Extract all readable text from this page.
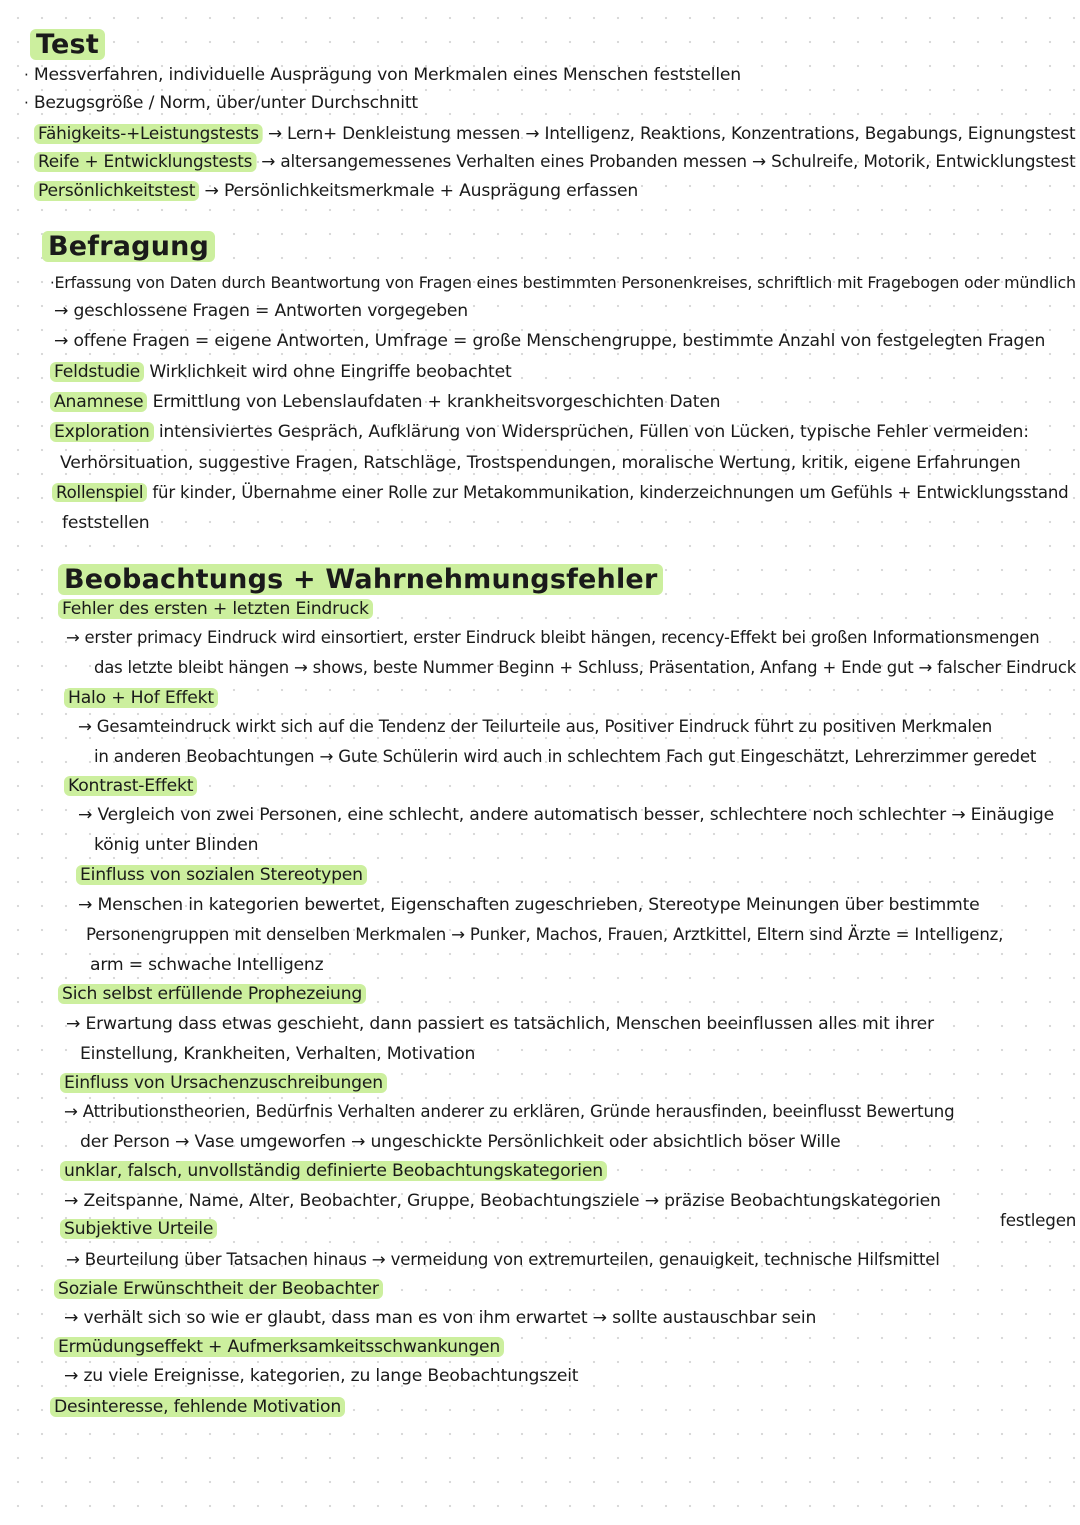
Test
· Messverfahren, individuelle Ausprägung von Merkmalen eines Menschen feststellen
· Bezugsgröße / Norm, über/unter Durchschnitt
Fähigkeits-+Leistungstests → Lern+ Denkleistung messen → Intelligenz, Reaktions, Konzentrations, Begabungs, Eignungstest
Reife + Entwicklungstests → altersangemessenes Verhalten eines Probanden messen → Schulreife, Motorik, Entwicklungstest
Persönlichkeitstest → Persönlichkeitsmerkmale + Ausprägung erfassen
Befragung
·Erfassung von Daten durch Beantwortung von Fragen eines bestimmten Personenkreises, schriftlich mit Fragebogen oder mündlich
→ geschlossene Fragen = Antworten vorgegeben
→ offene Fragen = eigene Antworten, Umfrage = große Menschengruppe, bestimmte Anzahl von festgelegten Fragen
Feldstudie Wirklichkeit wird ohne Eingriffe beobachtet
Anamnese Ermittlung von Lebenslaufdaten + krankheitsvorgeschichten Daten
Exploration intensiviertes Gespräch, Aufklärung von Widersprüchen, Füllen von Lücken, typische Fehler vermeiden:
Verhörsituation, suggestive Fragen, Ratschläge, Trostspendungen, moralische Wertung, kritik, eigene Erfahrungen
Rollenspiel für kinder, Übernahme einer Rolle zur Metakommunikation, kinderzeichnungen um Gefühls + Entwicklungsstand
feststellen
Beobachtungs + Wahrnehmungsfehler
Fehler des ersten + letzten Eindruck
→ erster primacy Eindruck wird einsortiert, erster Eindruck bleibt hängen, recency-Effekt bei großen Informationsmengen
das letzte bleibt hängen → shows, beste Nummer Beginn + Schluss, Präsentation, Anfang + Ende gut → falscher Eindruck
Halo + Hof Effekt
→ Gesamteindruck wirkt sich auf die Tendenz der Teilurteile aus, Positiver Eindruck führt zu positiven Merkmalen
in anderen Beobachtungen → Gute Schülerin wird auch in schlechtem Fach gut Eingeschätzt, Lehrerzimmer geredet
Kontrast-Effekt
→ Vergleich von zwei Personen, eine schlecht, andere automatisch besser, schlechtere noch schlechter → Einäugige
könig unter Blinden
Einfluss von sozialen Stereotypen
→ Menschen in kategorien bewertet, Eigenschaften zugeschrieben, Stereotype Meinungen über bestimmte
Personengruppen mit denselben Merkmalen → Punker, Machos, Frauen, Arztkittel, Eltern sind Ärzte = Intelligenz,
arm = schwache Intelligenz
Sich selbst erfüllende Prophezeiung
→ Erwartung dass etwas geschieht, dann passiert es tatsächlich, Menschen beeinflussen alles mit ihrer
Einstellung, Krankheiten, Verhalten, Motivation
Einfluss von Ursachenzuschreibungen
→ Attributionstheorien, Bedürfnis Verhalten anderer zu erklären, Gründe herausfinden, beeinflusst Bewertung
der Person → Vase umgeworfen → ungeschickte Persönlichkeit oder absichtlich böser Wille
unklar, falsch, unvollständig definierte Beobachtungskategorien
→ Zeitspanne, Name, Alter, Beobachter, Gruppe, Beobachtungsziele → präzise Beobachtungskategorien
festlegen
Subjektive Urteile
→ Beurteilung über Tatsachen hinaus → vermeidung von extremurteilen, genauigkeit, technische Hilfsmittel
Soziale Erwünschtheit der Beobachter
→ verhält sich so wie er glaubt, dass man es von ihm erwartet → sollte austauschbar sein
Ermüdungseffekt + Aufmerksamkeitsschwankungen
→ zu viele Ereignisse, kategorien, zu lange Beobachtungszeit
Desinteresse, fehlende Motivation
